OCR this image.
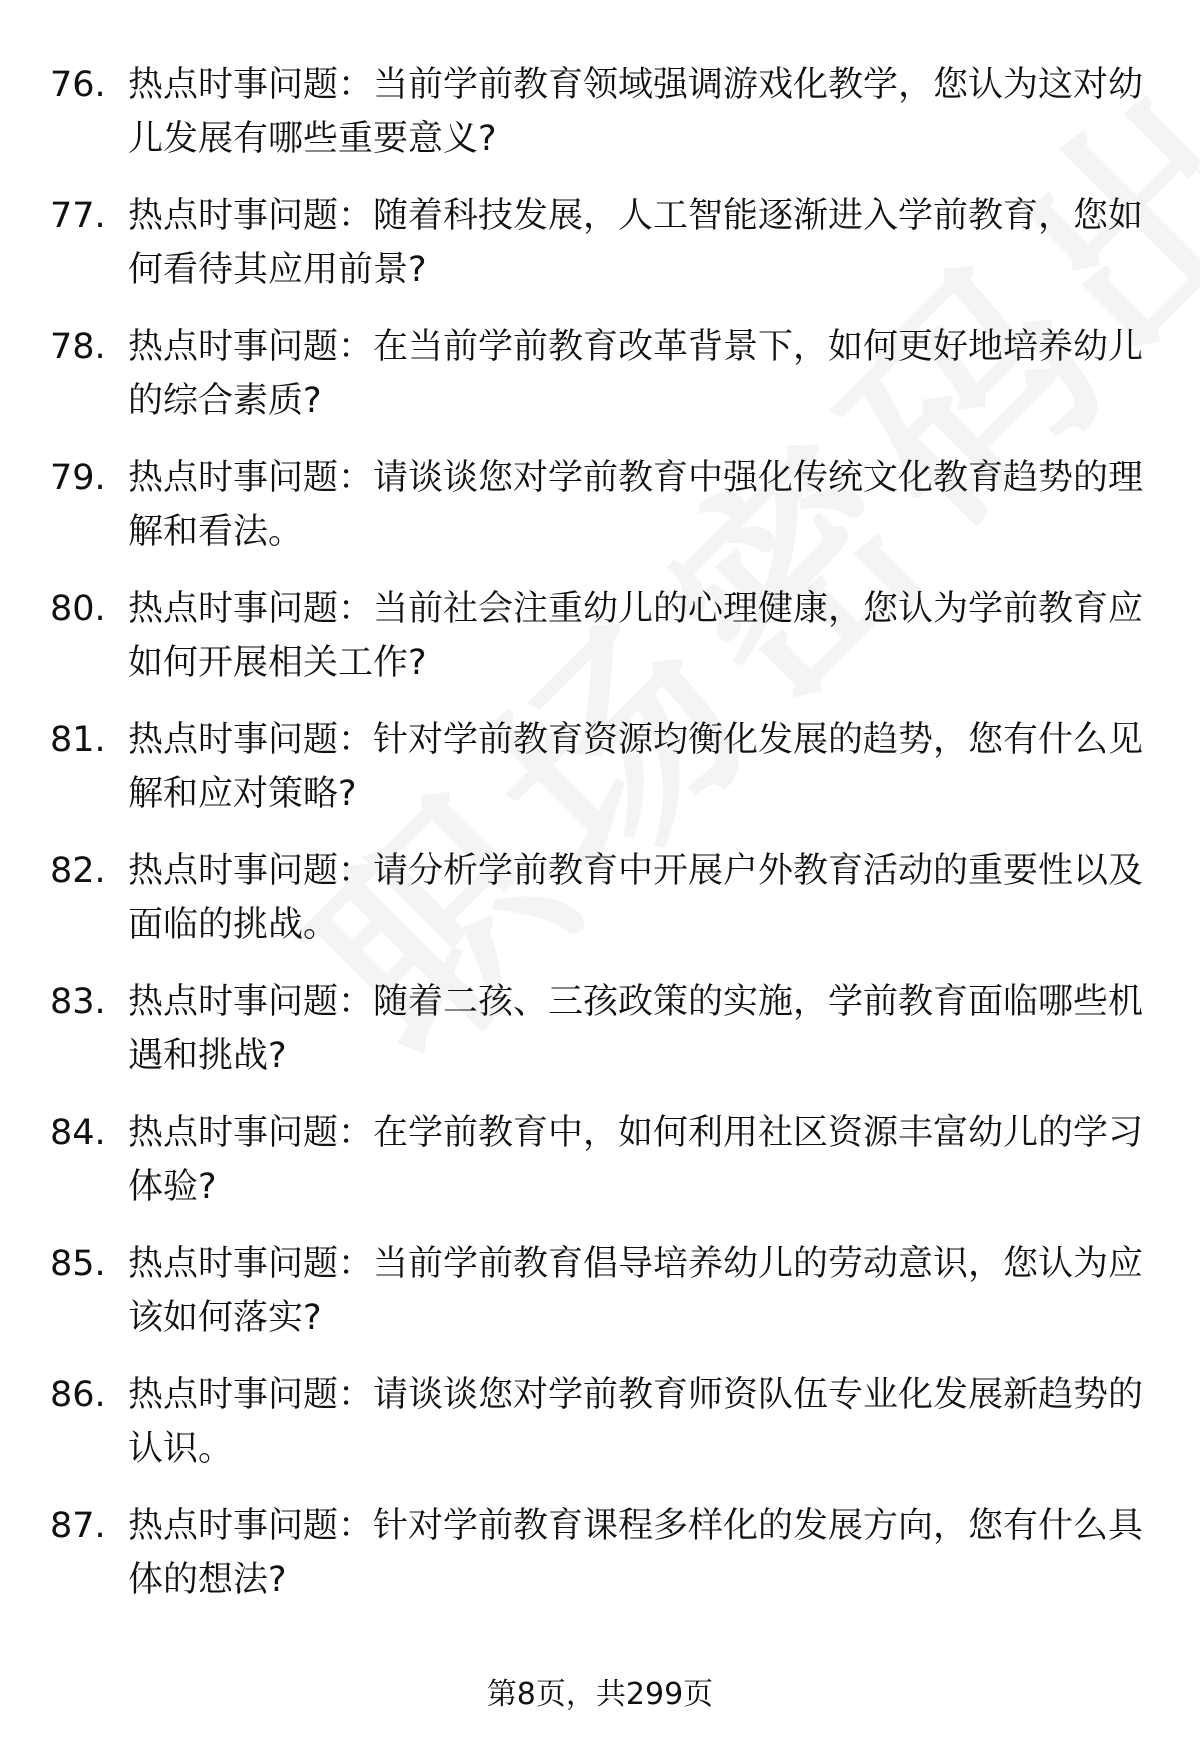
76. 热点时事问题：当前学前教育领域强调游戏化教学，您认为这对幼儿发展有哪些重要意义?
77. 热点时事问题：随着科技发展，人工智能逐渐进入学前教育，您如何看待其应用前景?
78. 热点时事问题：在当前学前教育改革背景下，如何更好地培养幼儿的综合素质?
79. 热点时事问题：请谈谈您对学前教育中强化传统文化教育趋势的理解和看法。
80. 热点时事问题：当前社会注重幼儿的心理健康，您认为学前教育应如何开展相关工作?
81. 热点时事问题：针对学前教育资源均衡化发展的趋势，您有什么见解和应对策略?
82. 热点时事问题：请分析学前教育中开展户外教育活动的重要性以及面临的挑战。
83. 热点时事问题：随着二孩、三孩政策的实施，学前教育面临哪些机遇和挑战?
84. 热点时事问题：在学前教育中，如何利用社区资源丰富幼儿的学习体验?
85. 热点时事问题：当前学前教育倡导培养幼儿的劳动意识，您认为应该如何落实?
86. 热点时事问题：请谈谈您对学前教育师资队伍专业化发展新趋势的认识。
87. 热点时事问题：针对学前教育课程多样化的发展方向，您有什么具体的想法?
第8页，共299页
